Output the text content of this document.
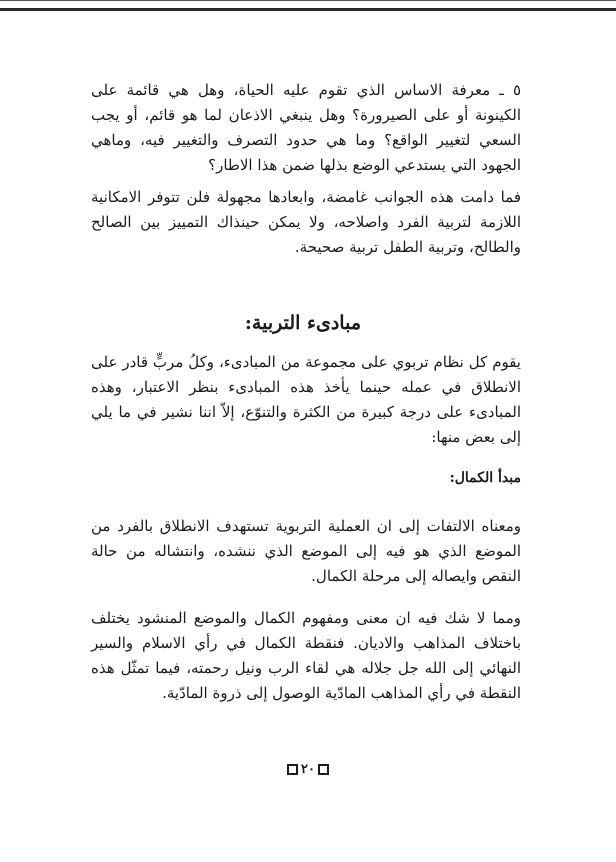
٥ ـ معرفة الاساس الذي تقوم عليه الحياة، وهل هي قائمة على الكينونة أو على الصيرورة؟ وهل ينبغي الاذعان لما هو قائم، أو يجب السعي لتغيير الواقع؟ وما هي حدود التصرف والتغيير فيه، وماهي الجهود التي يستدعي الوضع بذلها ضمن هذا الاطار؟

فما دامت هذه الجوانب غامضة، وابعادها مجهولة فلن تتوفر الامكانية اللازمة لتربية الفرد واصلاحه، ولا يمكن حينذاك التمييز بين الصالح والطالح، وتربية الطفل تربية صحيحة.

مبادىء التربية:

يقوم كل نظام تربوي على مجموعة من المبادىء، وكلُ مربٍّ قادر على الانطلاق في عمله حينما يأخذ هذه المبادىء بنظر الاعتبار، وهذه المبادىء على درجة كبيرة من الكثرة والتنوّع، إلاّ اننا نشير في ما يلي إلى بعض منها:

مبدأ الكمال:

ومعناه الالتفات إلى ان العملية التربوية تستهدف الانطلاق بالفرد من الموضع الذي هو فيه إلى الموضع الذي ننشده، وانتشاله من حالة النقص وايصاله إلى مرحلة الكمال.

ومما لا شك فيه ان معنى ومفهوم الكمال والموضع المنشود يختلف باختلاف المذاهب والاديان. فنقطة الكمال في رأي الاسلام والسير النهائي إلى الله جل جلاله هي لقاء الرب ونيل رحمته، فيما تمثّل هذه النقطة في رأي المذاهب المادّية الوصول إلى ذروة المادّية.

٢٠
